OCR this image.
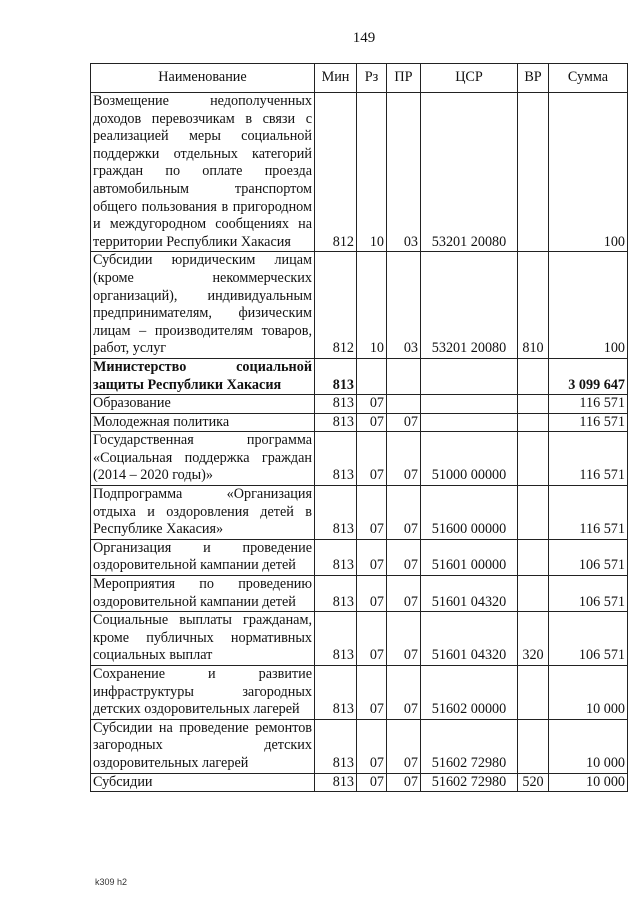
149
Наименование	Мин	Рз	ПР	ЦСР	ВР	Сумма
Возмещение недополученных доходов перевозчикам в связи с реализацией меры социальной поддержки отдельных категорий граждан по оплате проезда автомобильным транспортом общего пользования в пригородном и междугородном сообщениях на территории Республики Хакасия	812	10	03	53201 20080		100
Субсидии юридическим лицам (кроме некоммерческих организаций), индивидуальным предпринимателям, физическим лицам – производителям товаров, работ, услуг	812	10	03	53201 20080	810	100
Министерство социальной защиты Республики Хакасия	813					3 099 647
Образование	813	07				116 571
Молодежная политика	813	07	07			116 571
Государственная программа «Социальная поддержка граждан (2014 – 2020 годы)»	813	07	07	51000 00000		116 571
Подпрограмма «Организация отдыха и оздоровления детей в Республике Хакасия»	813	07	07	51600 00000		116 571
Организация и проведение оздоровительной кампании детей	813	07	07	51601 00000		106 571
Мероприятия по проведению оздоровительной кампании детей	813	07	07	51601 04320		106 571
Социальные выплаты гражданам, кроме публичных нормативных социальных выплат	813	07	07	51601 04320	320	106 571
Сохранение и развитие инфраструктуры загородных детских оздоровительных лагерей	813	07	07	51602 00000		10 000
Субсидии на проведение ремонтов загородных детских оздоровительных лагерей	813	07	07	51602 72980		10 000
Субсидии	813	07	07	51602 72980	520	10 000
k309 h2
